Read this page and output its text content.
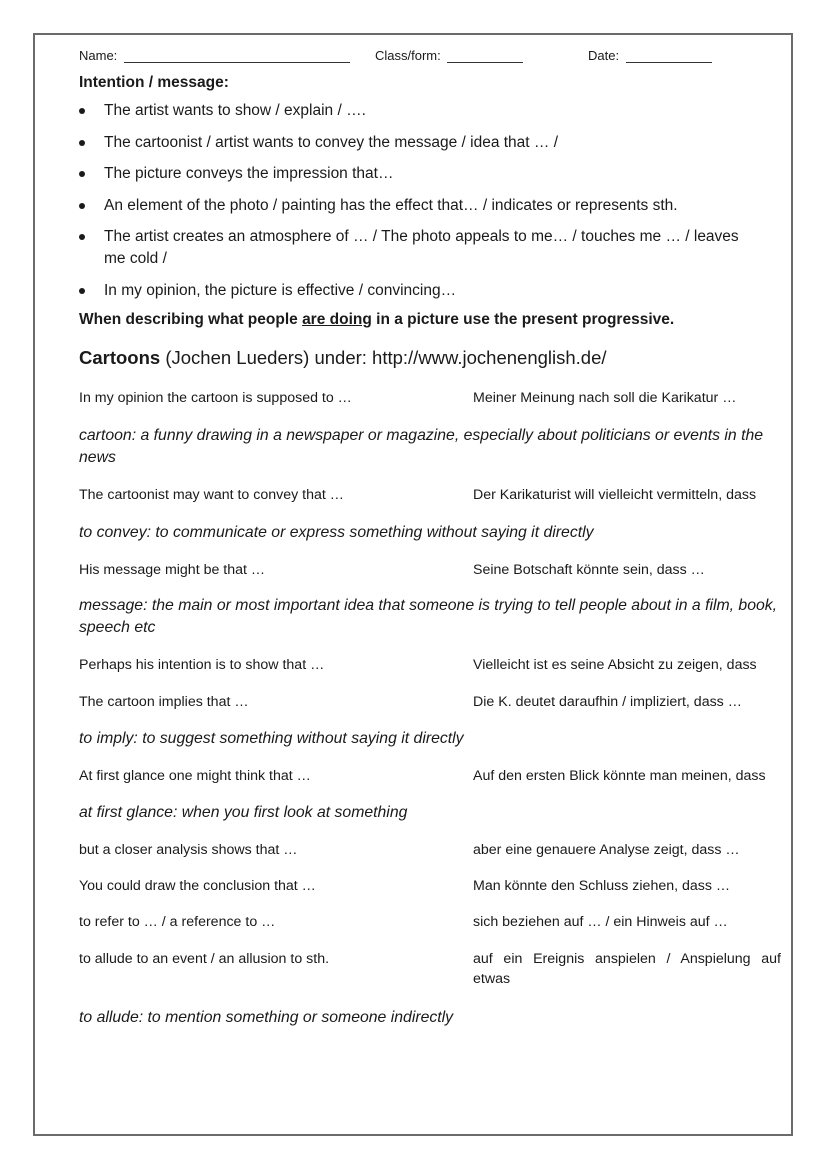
Name:	Class/form:	Date:
Intention / message:
The artist wants to show / explain / ….
The cartoonist / artist wants to convey the message / idea that … /
The picture conveys the impression that…
An element of the photo / painting has the effect that… / indicates or represents sth.
The artist creates an atmosphere of … / The photo appeals to me… / touches me … / leaves me cold /
In my opinion, the picture is effective / convincing…
When describing what people are doing in a picture use the present progressive.
Cartoons (Jochen Lueders) under: http://www.jochenenglish.de/
In my opinion the cartoon is supposed to …	Meiner Meinung nach soll die Karikatur …
cartoon: a funny drawing in a newspaper or magazine, especially about politicians or events in the news
The cartoonist may want to convey that …	Der Karikaturist will vielleicht vermitteln, dass
to convey: to communicate or express something without saying it directly
His message might be that …	Seine Botschaft könnte sein, dass …
message: the main or most important idea that someone is trying to tell people about in a film, book, speech etc
Perhaps his intention is to show that …	Vielleicht ist es seine Absicht zu zeigen, dass
The cartoon implies that …	Die K. deutet daraufhin / impliziert, dass …
to imply: to suggest something without saying it directly
At first glance one might think that …	Auf den ersten Blick könnte man meinen, dass
at first glance: when you first look at something
but a closer analysis shows that …	aber eine genauere Analyse zeigt, dass …
You could draw the conclusion that …	Man könnte den Schluss ziehen, dass …
to refer to … / a reference to …	sich beziehen auf … / ein Hinweis auf …
to allude to an event / an allusion to sth.	auf ein Ereignis anspielen / Anspielung auf etwas
to allude: to mention something or someone indirectly
